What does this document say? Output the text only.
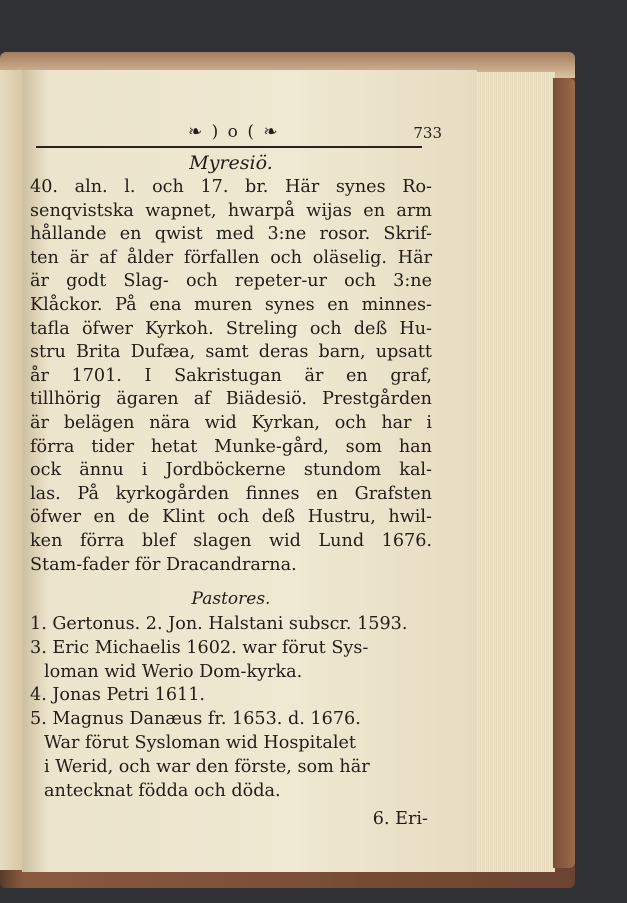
❧ ) o ( ❧	733
Myresiö.
40. aln. l. och 17. br. Här synes Ro-
senqvistska wapnet, hwarpå wijas en arm
hållande en qwist med 3:ne rosor. Skrif-
ten är af ålder förfallen och oläselig. Här
är godt Slag- och repeter-ur och 3:ne
Klåckor. På ena muren synes en minnes-
tafla öfwer Kyrkoh. Streling och deß Hu-
stru Brita Dufæa, samt deras barn, upsatt
år 1701. I Sakristugan är en graf,
tillhörig ägaren af Biädesiö. Prestgården
är belägen nära wid Kyrkan, och har i
förra tider hetat Munke-gård, som han
ock ännu i Jordböckerne stundom kal-
las. På kyrkogården finnes en Grafsten
öfwer en de Klint och deß Hustru, hwil-
ken förra blef slagen wid Lund 1676.
Stam-fader för Dracandrarna.
Pastores.
1. Gertonus. 2. Jon. Halstani subscr. 1593.
3. Eric Michaelis 1602. war förut Sys-
loman wid Werio Dom-kyrka.
4. Jonas Petri 1611.
5. Magnus Danæus fr. 1653. d. 1676.
War förut Sysloman wid Hospitalet
i Werid, och war den förste, som här
antecknat födda och döda.
6. Eri-
